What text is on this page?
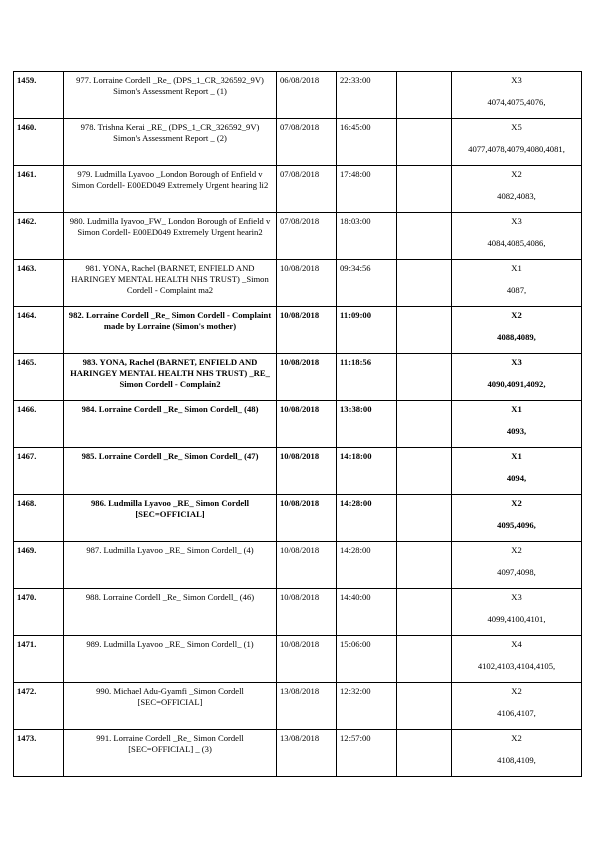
1459.	977. Lorraine Cordell _Re_ (DPS_1_CR_326592_9V) Simon's Assessment Report _ (1)	06/08/2018	22:33:00		X3
4074,4075,4076,

1460.	978. Trishna Kerai _RE_ (DPS_1_CR_326592_9V) Simon's Assessment Report _ (2)	07/08/2018	16:45:00		X5
4077,4078,4079,4080,4081,

1461.	979. Ludmilla Lyavoo _London Borough of Enfield v Simon Cordell- E00ED049 Extremely Urgent hearing li2	07/08/2018	17:48:00		X2
4082,4083,

1462.	980. Ludmilla Iyavoo_FW_ London Borough of Enfield v Simon Cordell- E00ED049 Extremely Urgent hearin2	07/08/2018	18:03:00		X3
4084,4085,4086,

1463.	981. YONA, Rachel (BARNET, ENFIELD AND HARINGEY MENTAL HEALTH NHS TRUST) _Simon Cordell - Complaint ma2	10/08/2018	09:34:56		X1
4087,

1464.	982. Lorraine Cordell _Re_ Simon Cordell - Complaint made by Lorraine (Simon's mother)	10/08/2018	11:09:00		X2
4088,4089,

1465.	983. YONA, Rachel (BARNET, ENFIELD AND HARINGEY MENTAL HEALTH NHS TRUST) _RE_ Simon Cordell - Complain2	10/08/2018	11:18:56		X3
4090,4091,4092,

1466.	984. Lorraine Cordell _Re_ Simon Cordell_ (48)	10/08/2018	13:38:00		X1
4093,

1467.	985. Lorraine Cordell _Re_ Simon Cordell_ (47)	10/08/2018	14:18:00		X1
4094,

1468.	986. Ludmilla Lyavoo _RE_ Simon Cordell [SEC=OFFICIAL]	10/08/2018	14:28:00		X2
4095,4096,

1469.	987. Ludmilla Lyavoo _RE_ Simon Cordell_ (4)	10/08/2018	14:28:00		X2
4097,4098,

1470.	988. Lorraine Cordell _Re_ Simon Cordell_ (46)	10/08/2018	14:40:00		X3
4099,4100,4101,

1471.	989. Ludmilla Lyavoo _RE_ Simon Cordell_ (1)	10/08/2018	15:06:00		X4
4102,4103,4104,4105,

1472.	990. Michael Adu-Gyamfi _Simon Cordell [SEC=OFFICIAL]	13/08/2018	12:32:00		X2
4106,4107,

1473.	991. Lorraine Cordell _Re_ Simon Cordell [SEC=OFFICIAL] _ (3)	13/08/2018	12:57:00		X2
4108,4109,
